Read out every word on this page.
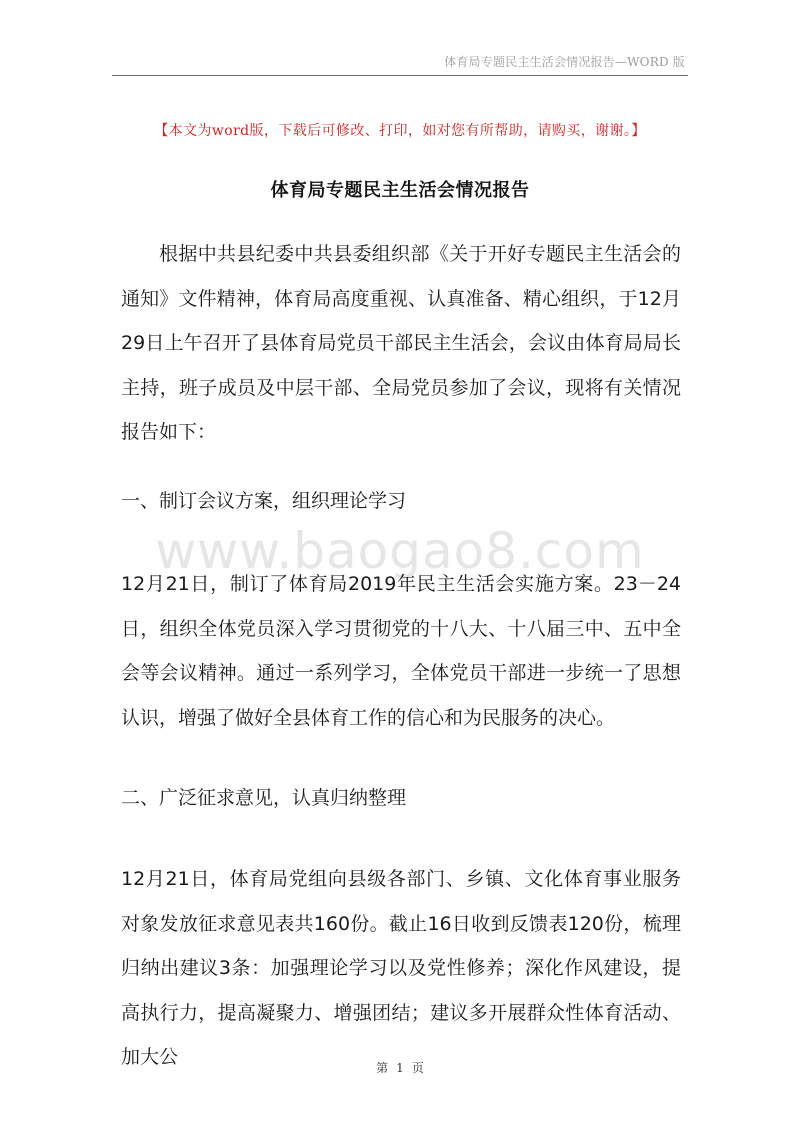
体育局专题民主生活会情况报告—WORD 版
【本文为word版，下载后可修改、打印，如对您有所帮助，请购买，谢谢。】
体育局专题民主生活会情况报告

根据中共县纪委中共县委组织部《关于开好专题民主生活会的通知》文件精神，体育局高度重视、认真准备、精心组织，于12月29日上午召开了县体育局党员干部民主生活会，会议由体育局局长主持，班子成员及中层干部、全局党员参加了会议，现将有关情况报告如下：

一、制订会议方案，组织理论学习

www.baogao8.com

12月21日，制订了体育局2019年民主生活会实施方案。23－24日，组织全体党员深入学习贯彻党的十八大、十八届三中、五中全会等会议精神。通过一系列学习，全体党员干部进一步统一了思想认识，增强了做好全县体育工作的信心和为民服务的决心。

二、广泛征求意见，认真归纳整理

12月21日，体育局党组向县级各部门、乡镇、文化体育事业服务对象发放征求意见表共160份。截止16日收到反馈表120份，梳理归纳出建议3条：加强理论学习以及党性修养；深化作风建设，提高执行力，提高凝聚力、增强团结；建议多开展群众性体育活动、加大公	第 1 页
